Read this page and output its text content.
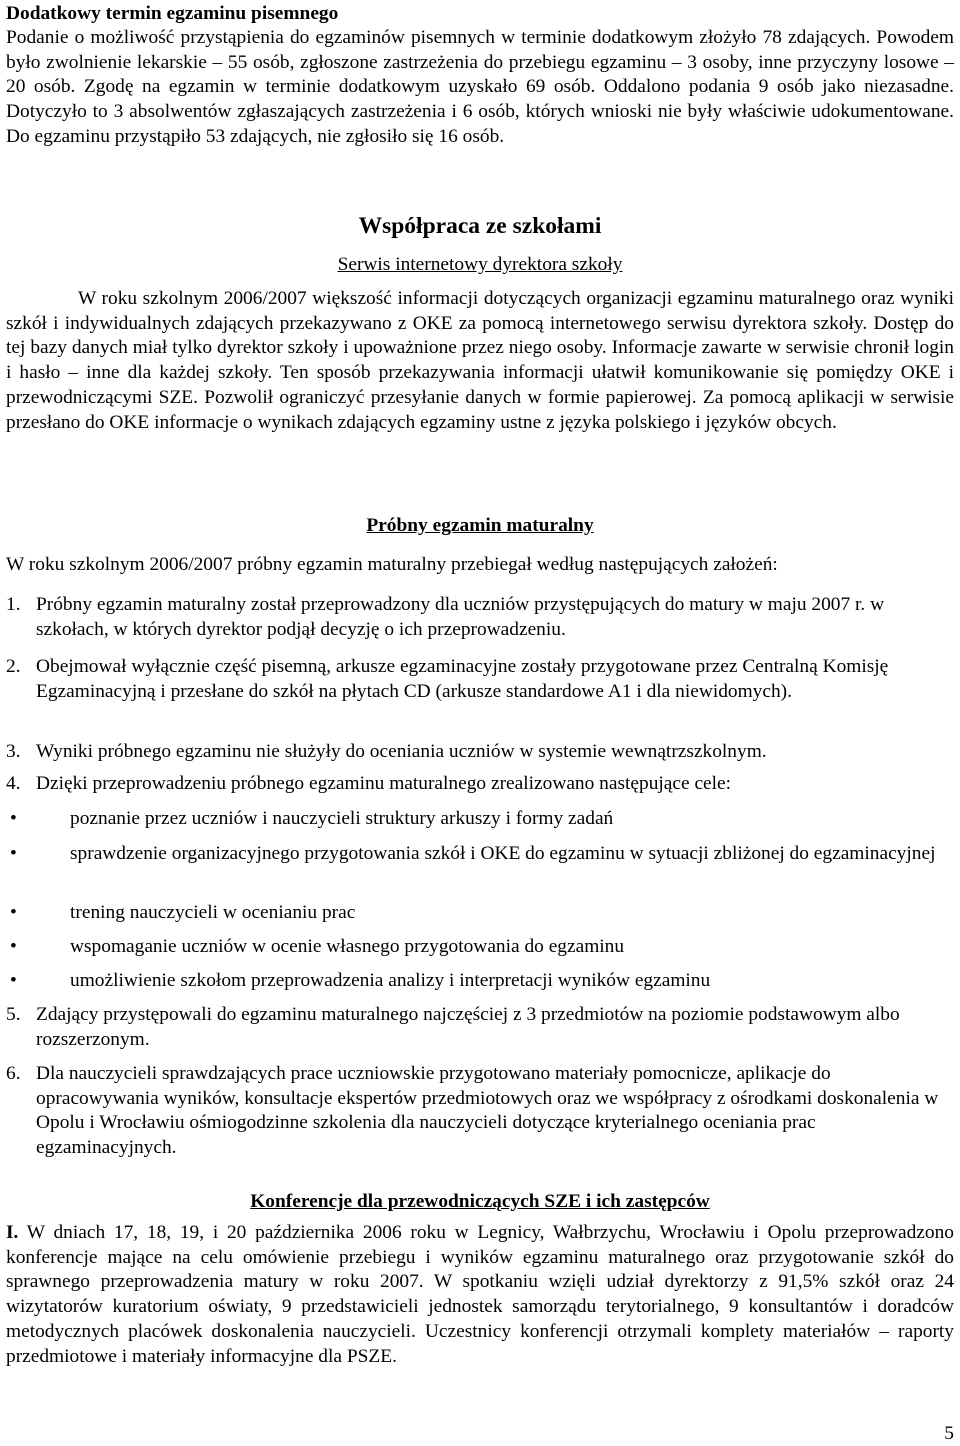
Dodatkowy termin egzaminu pisemnego
Podanie o możliwość przystąpienia do egzaminów pisemnych w terminie dodatkowym złożyło 78 zdających. Powodem było zwolnienie lekarskie – 55 osób, zgłoszone zastrzeżenia do przebiegu egzaminu – 3 osoby, inne przyczyny losowe – 20 osób. Zgodę na egzamin w terminie dodatkowym uzyskało 69 osób. Oddalono podania 9 osób jako niezasadne. Dotyczyło to 3 absolwentów zgłaszających zastrzeżenia i 6 osób, których wnioski nie były właściwie udokumentowane. Do egzaminu przystąpiło 53 zdających, nie zgłosiło się 16 osób.
Współpraca ze szkołami
Serwis internetowy dyrektora szkoły
W roku szkolnym 2006/2007 większość informacji dotyczących organizacji egzaminu maturalnego oraz wyniki szkół i indywidualnych zdających przekazywano z OKE za pomocą internetowego serwisu dyrektora szkoły. Dostęp do tej bazy danych miał tylko dyrektor szkoły i upoważnione przez niego osoby. Informacje zawarte w serwisie chronił login i hasło – inne dla każdej szkoły. Ten sposób przekazywania informacji ułatwił komunikowanie się pomiędzy OKE i przewodniczącymi SZE. Pozwolił ograniczyć przesyłanie danych w formie papierowej. Za pomocą aplikacji w serwisie przesłano do OKE informacje o wynikach zdających egzaminy ustne z języka polskiego i języków obcych.
Próbny egzamin maturalny
W roku szkolnym 2006/2007 próbny egzamin maturalny przebiegał według następujących założeń:
1. Próbny egzamin maturalny został przeprowadzony dla uczniów przystępujących do matury w maju 2007 r. w szkołach, w których dyrektor podjął decyzję o ich przeprowadzeniu.
2. Obejmował wyłącznie część pisemną, arkusze egzaminacyjne zostały przygotowane przez Centralną Komisję Egzaminacyjną i przesłane do szkół na płytach CD (arkusze standardowe A1 i dla niewidomych).
3. Wyniki próbnego egzaminu nie służyły do oceniania uczniów w systemie wewnątrzszkolnym.
4. Dzięki przeprowadzeniu próbnego egzaminu maturalnego zrealizowano następujące cele:
•	poznanie przez uczniów i nauczycieli struktury arkuszy i formy zadań
•	sprawdzenie organizacyjnego przygotowania szkół i OKE do egzaminu w sytuacji zbliżonej do egzaminacyjnej
•	trening nauczycieli w ocenianiu prac
•	wspomaganie uczniów w ocenie własnego przygotowania do egzaminu
•	umożliwienie szkołom przeprowadzenia analizy i interpretacji wyników egzaminu
5. Zdający przystępowali do egzaminu maturalnego najczęściej z 3 przedmiotów na poziomie podstawowym albo rozszerzonym.
6. Dla nauczycieli sprawdzających prace uczniowskie przygotowano materiały pomocnicze, aplikacje do opracowywania wyników, konsultacje ekspertów przedmiotowych oraz we współpracy z ośrodkami doskonalenia w Opolu i Wrocławiu ośmiogodzinne szkolenia dla nauczycieli dotyczące kryterialnego oceniania prac egzaminacyjnych.
Konferencje dla przewodniczących SZE i ich zastępców
I. W dniach 17, 18, 19, i 20 października 2006 roku w Legnicy, Wałbrzychu, Wrocławiu i Opolu przeprowadzono konferencje mające na celu omówienie przebiegu i wyników egzaminu maturalnego oraz przygotowanie szkół do sprawnego przeprowadzenia matury w roku 2007. W spotkaniu wzięli udział dyrektorzy z 91,5% szkół oraz 24 wizytatorów kuratorium oświaty, 9 przedstawicieli jednostek samorządu terytorialnego, 9 konsultantów i doradców metodycznych placówek doskonalenia nauczycieli. Uczestnicy konferencji otrzymali komplety materiałów – raporty przedmiotowe i materiały informacyjne dla PSZE.
5
